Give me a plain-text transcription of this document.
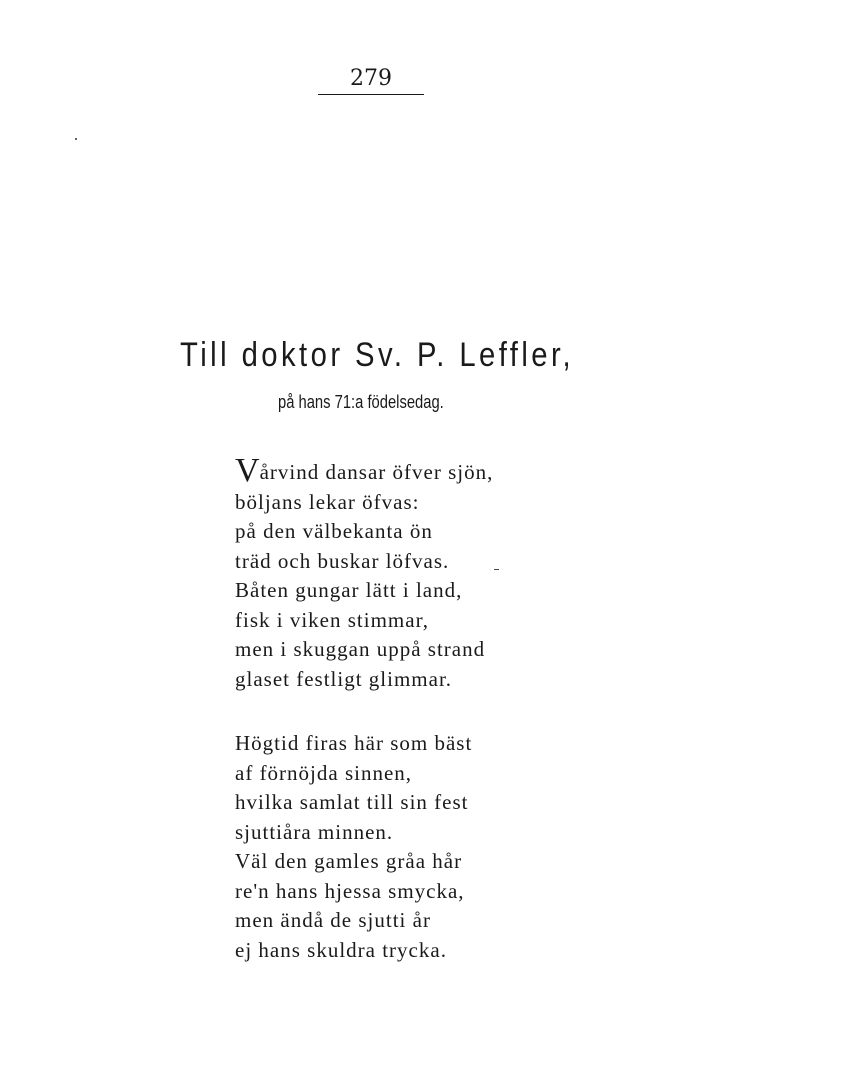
279
Till doktor Sv. P. Leffler,
på hans 71:a födelsedag.
Vårvind dansar öfver sjön,
böljans lekar öfvas:
på den välbekanta ön
träd och buskar löfvas.
Båten gungar lätt i land,
fisk i viken stimmar,
men i skuggan uppå strand
glaset festligt glimmar.
Högtid firas här som bäst
af förnöjda sinnen,
hvilka samlat till sin fest
sjuttiåra minnen.
Väl den gamles gråa hår
re'n hans hjessa smycka,
men ändå de sjutti år
ej hans skuldra trycka.
